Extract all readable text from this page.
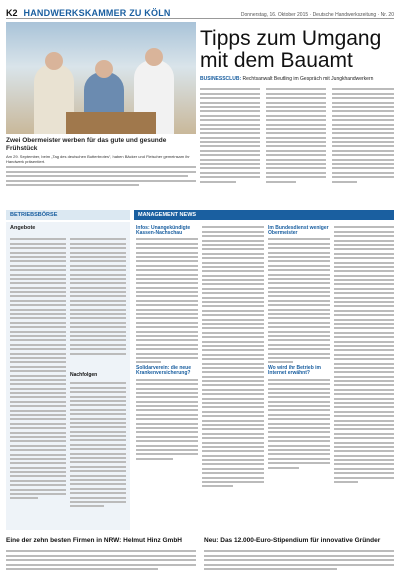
K2 HANDWERKSKAMMER ZU KÖLN	Donnerstag, 16. Oktober 2015 · Deutsche Handwerkszeitung · Nr. 20
Zwei Obermeister werben für das gute und gesunde Frühstück

Am 29. September, beim „Tag des deutschen Butterbrotes“, haben Bäcker und Fleischer gemeinsam ihr Handwerk präsentiert.

Tipps zum Umgang mit dem Bauamt
BUSINESSCLUB: Rechtsanwalt Beutling im Gespräch mit Jungkhandwerkern
BETRIEBSBÖRSE	MANAGEMENT NEWS
Angebote
Nachfolgen
Infos: Unangekündigte Kassen-Nachschau
Solidarverein: die neue Krankenversicherung?
Im Bundesdienst weniger Obermeister
Wo wird ihr Betrieb im Internet erwähnt?
Eine der zehn besten Firmen in NRW: Helmut Hinz GmbH	Neu: Das 12.000-Euro-Stipendium für innovative Gründer
